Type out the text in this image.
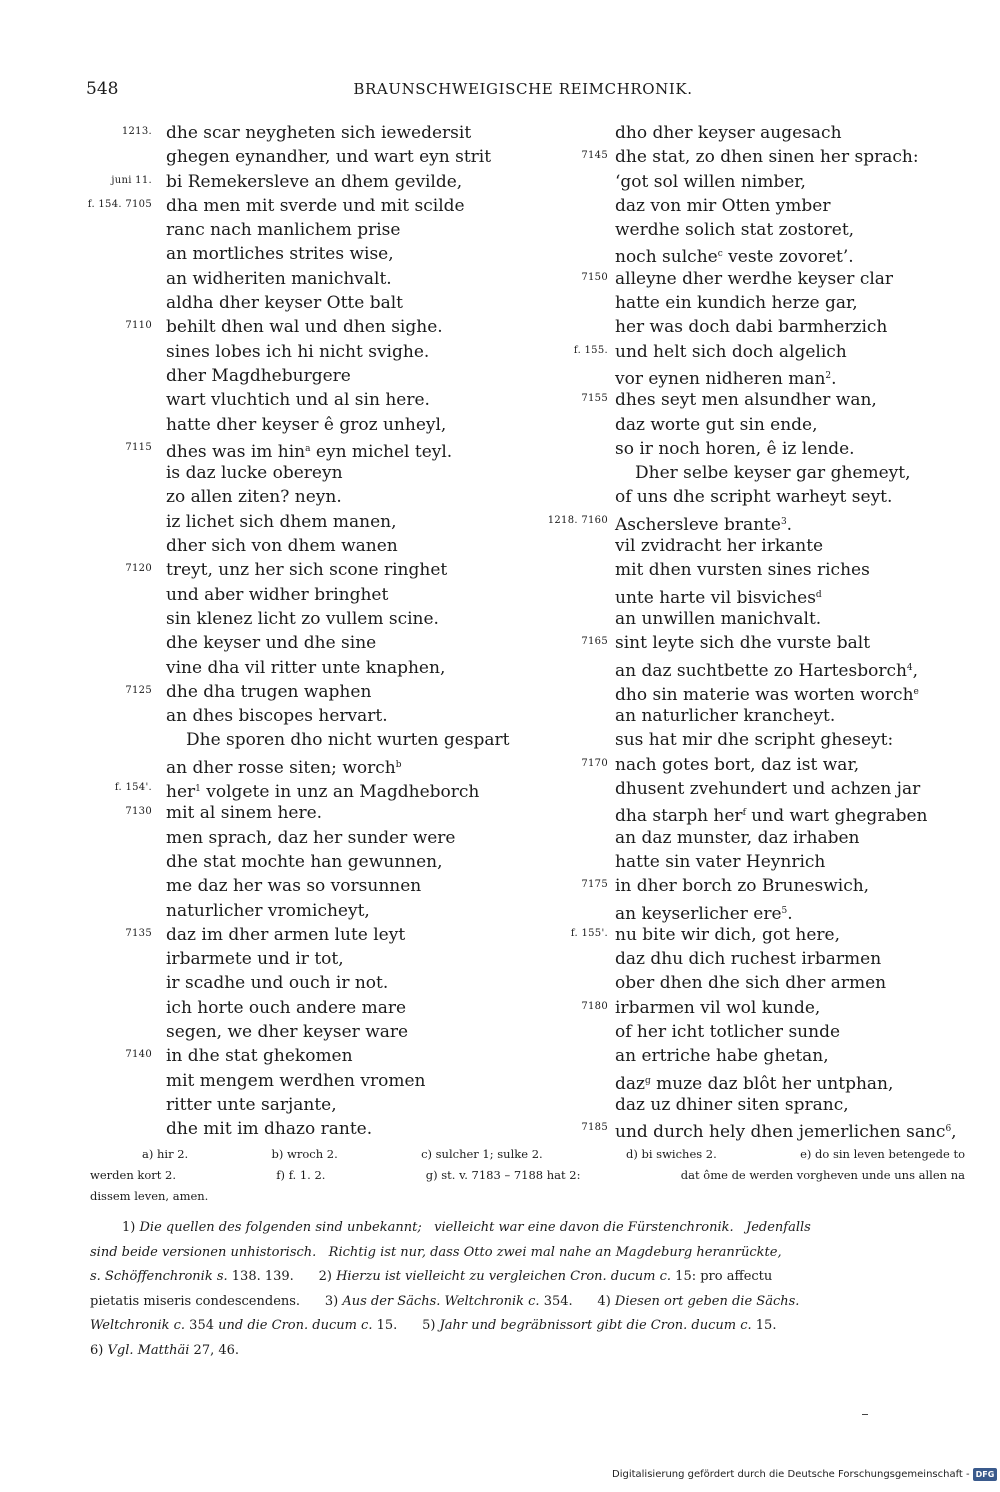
548	BRAUNSCHWEIGISCHE REIMCHRONIK.
1213. dhe scar neygheten sich iewedersit
ghegen eynandher, und wart eyn strit
juni 11. bi Remekersleve an dhem gevilde,
f. 154. 7105 dha men mit sverde und mit scilde
ranc nach manlichem prise
an mortliches strites wise,
an widheriten manichvalt.
aldha dher keyser Otte balt
7110 behilt dhen wal und dhen sighe.
sines lobes ich hi nicht svighe.
dher Magdheburgere
wart vluchtich und al sin here.
hatte dher keyser ê groz unheyl,
7115 dhes was im hin$^a$ eyn michel teyl.
is daz lucke obereyn
zo allen ziten? neyn.
iz lichet sich dhem manen,
dher sich von dhem wanen
7120 treyt, unz her sich scone ringhet
und aber widher bringhet
sin klenez licht zo vullem scine.
dhe keyser und dhe sine
vine dha vil ritter unte knaphen,
7125 dhe dha trugen waphen
an dhes biscopes hervart.
Dhe sporen dho nicht wurten gespart
an dher rosse siten; worch$^b$
f. 154'. her$^1$ volgete in unz an Magdheborch
7130 mit al sinem here.
men sprach, daz her sunder were
dhe stat mochte han gewunnen,
me daz her was so vorsunnen
naturlicher vromicheyt,
7135 daz im dher armen lute leyt
irbarmete und ir tot,
ir scadhe und ouch ir not.
ich horte ouch andere mare
segen, we dher keyser ware
7140 in dhe stat ghekomen
mit mengem werdhen vromen
ritter unte sarjante,
dhe mit im dhazo rante.
dho dher keyser augesach
7145 dhe stat, zo dhen sinen her sprach:
‘got sol willen nimber,
daz von mir Otten ymber
werdhe solich stat zostoret,
noch sulche$^c$ veste zovoret’.
7150 alleyne dher werdhe keyser clar
hatte ein kundich herze gar,
her was doch dabi barmherzich
f. 155. und helt sich doch algelich
vor eynen nidheren man$^2$.
7155 dhes seyt men alsundher wan,
daz worte gut sin ende,
so ir noch horen, ê iz lende.
Dher selbe keyser gar ghemeyt,
of uns dhe scripht warheyt seyt.
1218. 7160 Aschersleve brante$^3$.
vil zvidracht her irkante
mit dhen vursten sines riches
unte harte vil bisviches$^d$
an unwillen manichvalt.
7165 sint leyte sich dhe vurste balt
an daz suchtbette zo Hartesborch$^4$,
dho sin materie was worten worch$^e$
an naturlicher krancheyt.
sus hat mir dhe scripht gheseyt:
7170 nach gotes bort, daz ist war,
dhusent zvehundert und achzen jar
dha starph her$^f$ und wart ghegraben
an daz munster, daz irhaben
hatte sin vater Heynrich
7175 in dher borch zo Bruneswich,
an keyserlicher ere$^5$.
f. 155'. nu bite wir dich, got here,
daz dhu dich ruchest irbarmen
ober dhen dhe sich dher armen
7180 irbarmen vil wol kunde,
of her icht totlicher sunde
an ertriche habe ghetan,
daz$^g$ muze daz blôt her untphan,
daz uz dhiner siten spranc,
7185 und durch hely dhen jemerlichen sanc$^6$,
a) hir 2.	b) wroch 2.	c) sulcher 1; sulke 2.	d) bi swiches 2.	e) do sin leven betengede to
werden kort 2.	f) f. 1. 2.	g) st. v. 7183 – 7188 hat 2:	dat ôme de werden vorgheven unde uns allen na
dissem leven, amen.
1) Die quellen des folgenden sind unbekannt;   vielleicht war eine davon die Fürstenchronik.   Jedenfalls
sind beide versionen unhistorisch.   Richtig ist nur, dass Otto zwei mal nahe an Magdeburg heranrückte,
s. Schöffenchronik s. 138. 139.      2) Hierzu ist vielleicht zu vergleichen Cron. ducum c. 15: pro affectu
pietatis miseris condescendens.      3) Aus der Sächs. Weltchronik c. 354.      4) Diesen ort geben die Sächs.
Weltchronik c. 354 und die Cron. ducum c. 15.      5) Jahr und begräbnissort gibt die Cron. ducum c. 15.
6) Vgl. Matthäi 27, 46.
Digitalisierung gefördert durch die Deutsche Forschungsgemeinschaft - DFG
